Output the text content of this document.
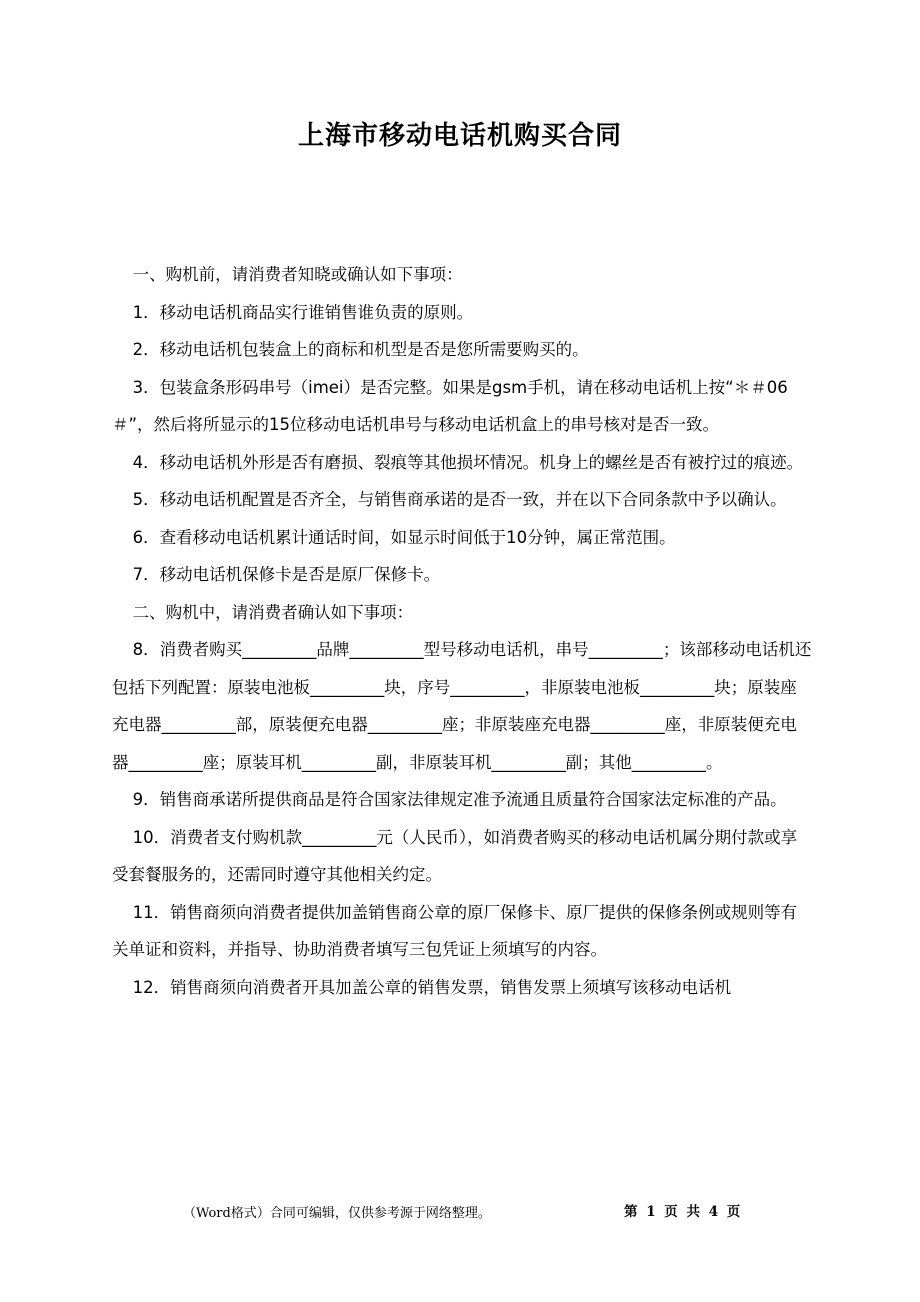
上海市移动电话机购买合同

一、购机前，请消费者知晓或确认如下事项：

1．移动电话机商品实行谁销售谁负责的原则。

2．移动电话机包装盒上的商标和机型是否是您所需要购买的。

3．包装盒条形码串号（imei）是否完整。如果是gsm手机，请在移动电话机上按“＊＃06＃”，然后将所显示的15位移动电话机串号与移动电话机盒上的串号核对是否一致。

4．移动电话机外形是否有磨损、裂痕等其他损坏情况。机身上的螺丝是否有被拧过的痕迹。

5．移动电话机配置是否齐全，与销售商承诺的是否一致，并在以下合同条款中予以确认。

6．查看移动电话机累计通话时间，如显示时间低于10分钟，属正常范围。

7．移动电话机保修卡是否是原厂保修卡。

二、购机中，请消费者确认如下事项：

8．消费者购买_________品牌_________型号移动电话机，串号_________；该部移动电话机还包括下列配置：原装电池板_________块，序号_________，非原装电池板_________块；原装座充电器_________部，原装便充电器_________座；非原装座充电器_________座，非原装便充电器_________座；原装耳机_________副，非原装耳机_________副；其他_________。

9．销售商承诺所提供商品是符合国家法律规定准予流通且质量符合国家法定标准的产品。

10．消费者支付购机款_________元（人民币），如消费者购买的移动电话机属分期付款或享受套餐服务的，还需同时遵守其他相关约定。

11．销售商须向消费者提供加盖销售商公章的原厂保修卡、原厂提供的保修条例或规则等有关单证和资料，并指导、协助消费者填写三包凭证上须填写的内容。

12．销售商须向消费者开具加盖公章的销售发票，销售发票上须填写该移动电话机

（Word格式）合同可编辑，仅供参考源于网络整理。	第 1 页 共 4 页
